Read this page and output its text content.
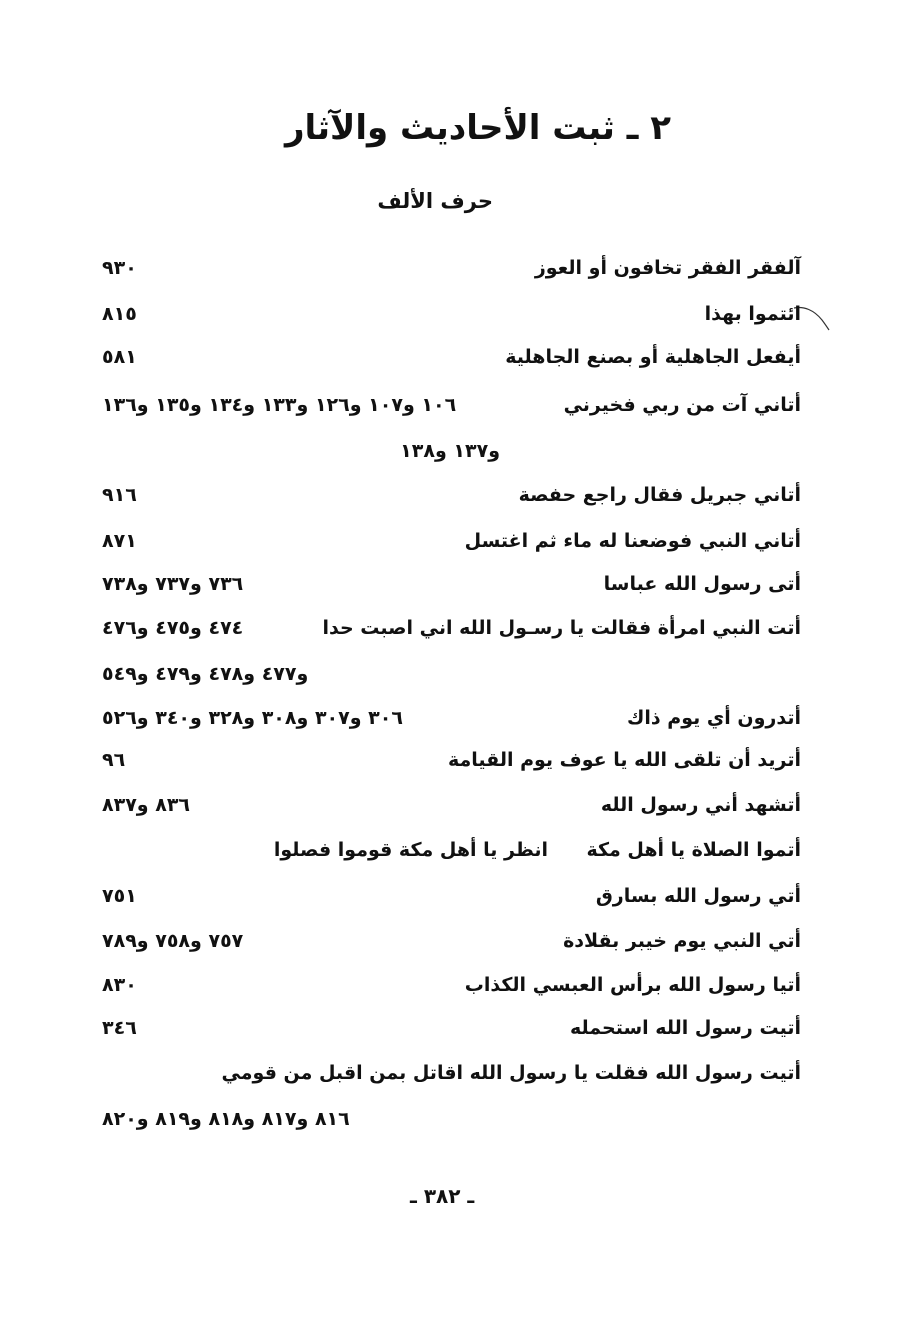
٢ ـ ثبت الأحاديث والآثار
حرف الألف
آلفقر الفقر تخافون أو العوز
٩٣٠
ائتموا بهذا
٨١٥
أيفعل الجاهلية أو بصنع الجاهلية
٥٨١
أتاني آت من ربي فخيرني
١٠٦ و١٠٧ و١٢٦ و١٣٣ و١٣٤ و١٣٥ و١٣٦
و١٣٧ و١٣٨
أتاني جبريل فقال راجع حفصة
٩١٦
أتاني النبي فوضعنا له ماء ثم اغتسل
٨٧١
أتى رسول الله عباسا
٧٣٦ و٧٣٧ و٧٣٨
أتت النبي امرأة فقالت يا رسـول الله اني اصبت حدا
٤٧٤ و٤٧٥ و٤٧٦
و٤٧٧ و٤٧٨ و٤٧٩ و٥٤٩
أتدرون أي يوم ذاك
٣٠٦ و٣٠٧ و٣٠٨ و٣٢٨ و٣٤٠ و٥٢٦
أتريد أن تلقى الله يا عوف يوم القيامة
٩٦
أتشهد أني رسول الله
٨٣٦ و٨٣٧
أتموا الصلاة يا أهل مكة
انظر يا أهل مكة قوموا فصلوا
أتي رسول الله بسارق
٧٥١
أتي النبي يوم خيبر بقلادة
٧٥٧ و٧٥٨ و٧٨٩
أتيا رسول الله برأس العبسي الكذاب
٨٣٠
أتيت رسول الله استحمله
٣٤٦
أتيت رسول الله فقلت يا رسول الله اقاتل بمن اقبل من قومي
٨١٦ و٨١٧ و٨١٨ و٨١٩ و٨٢٠
ـ ٣٨٢ ـ
